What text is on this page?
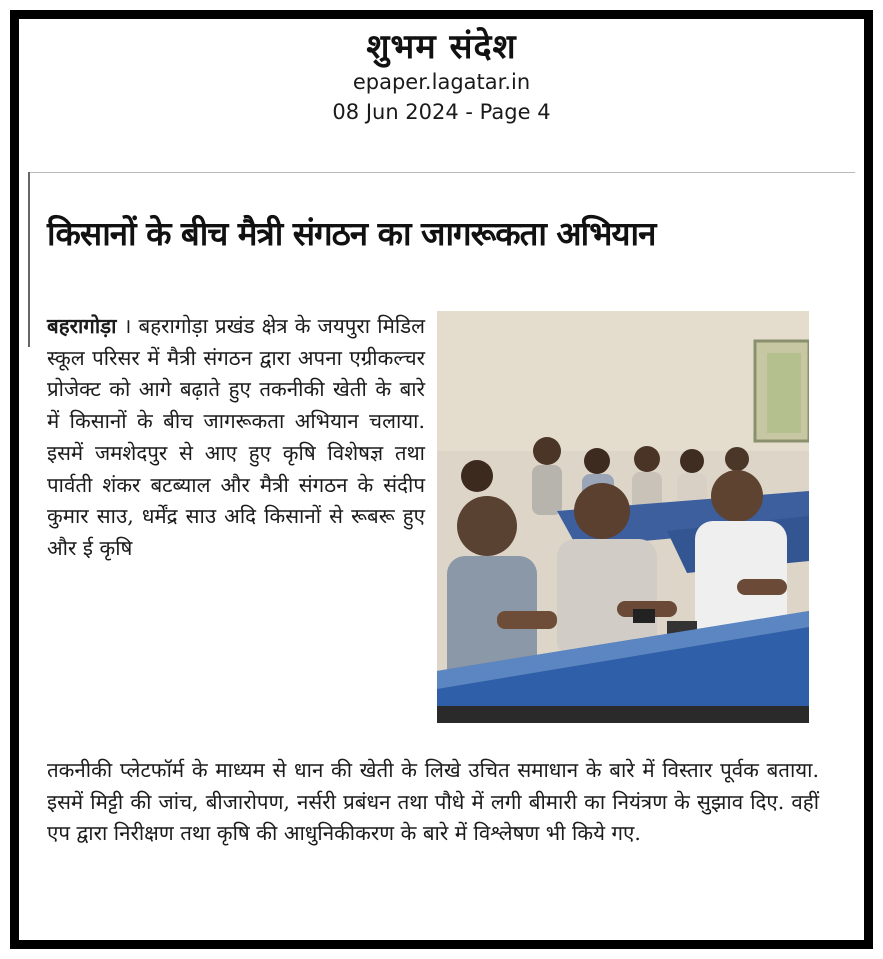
शुभम संदेश
epaper.lagatar.in
08 Jun 2024 - Page 4
किसानों के बीच मैत्री संगठन का जागरूकता अभियान
बहरागोड़ा । बहरागोड़ा प्रखंड क्षेत्र के जयपुरा मिडिल स्कूल परिसर में मैत्री संगठन द्वारा अपना एग्रीकल्चर प्रोजेक्ट को आगे बढ़ाते हुए तकनीकी खेती के बारे में किसानों के बीच जागरूकता अभियान चलाया. इसमें जमशेदपुर से आए हुए कृषि विशेषज्ञ तथा पार्वती शंकर बटब्याल और मैत्री संगठन के संदीप कुमार साउ, धर्मेंद्र साउ अदि किसानों से रूबरू हुए और ई कृषि
तकनीकी प्लेटफॉर्म के माध्यम से धान की खेती के लिखे उचित समाधान के बारे में विस्तार पूर्वक बताया. इसमें मिट्टी की जांच, बीजारोपण, नर्सरी प्रबंधन तथा पौधे में लगी बीमारी का नियंत्रण के सुझाव दिए. वहीं एप द्वारा निरीक्षण तथा कृषि की आधुनिकीकरण के बारे में विश्लेषण भी किये गए.
